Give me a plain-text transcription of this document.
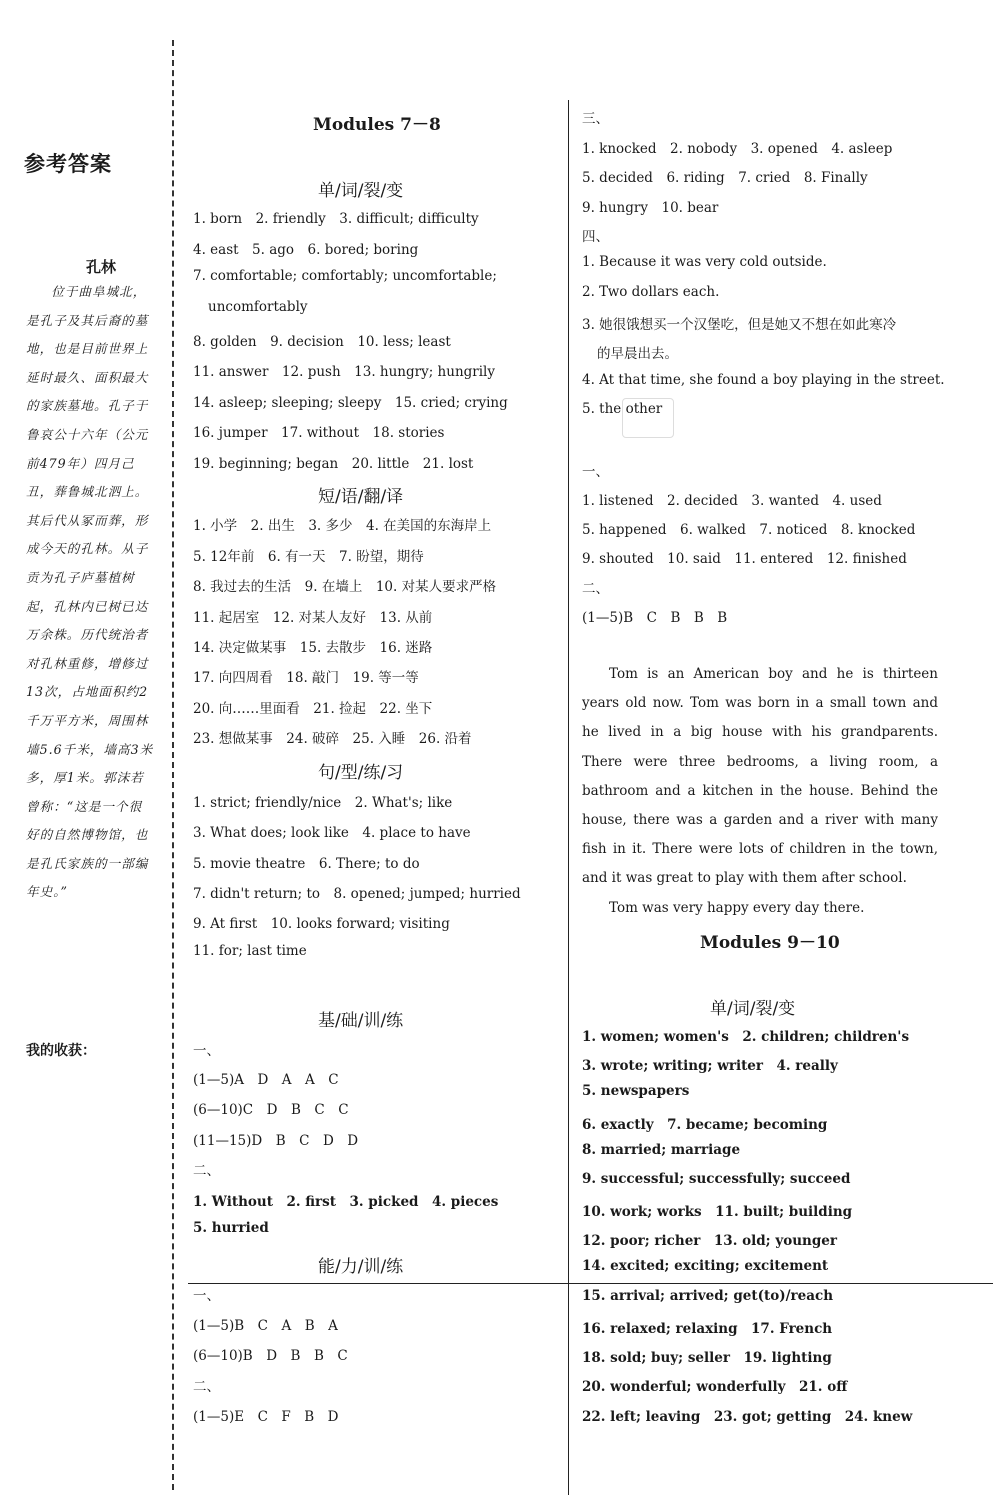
参考答案
孔林
位于曲阜城北，是孔子及其后裔的墓地，也是目前世界上延时最久、面积最大的家族墓地。孔子于鲁哀公十六年（公元前479年）四月己丑，葬鲁城北泗上。其后代从冢而葬，形成今天的孔林。从子贡为孔子庐墓植树起，孔林内已树已达万余株。历代统治者对孔林重修，增修过13次，占地面积约2千万平方米，周围林墙5.6千米，墙高3米多，厚1米。郭沫若曾称：“这是一个很好的自然博物馆，也是孔氏家族的一部编年史。”
我的收获：
Modules 7－8
单/词/裂/变
1. born　2. friendly　3. difficult; difficulty
4. east　5. ago　6. bored; boring
7. comfortable; comfortably; uncomfortable;
uncomfortably
8. golden　9. decision　10. less; least
11. answer　12. push　13. hungry; hungrily
14. asleep; sleeping; sleepy　15. cried; crying
16. jumper　17. without　18. stories
19. beginning; began　20. little　21. lost
短/语/翻/译
1. 小学　2. 出生　3. 多少　4. 在美国的东海岸上
5. 12年前　6. 有一天　7. 盼望，期待
8. 我过去的生活　9. 在墙上　10. 对某人要求严格
11. 起居室　12. 对某人友好　13. 从前
14. 决定做某事　15. 去散步　16. 迷路
17. 向四周看　18. 敲门　19. 等一等
20. 向……里面看　21. 捡起　22. 坐下
23. 想做某事　24. 破碎　25. 入睡　26. 沿着
句/型/练/习
1. strict; friendly/nice　2. What's; like
3. What does; look like　4. place to have
5. movie theatre　6. There; to do
7. didn't return; to　8. opened; jumped; hurried
9. At first　10. looks forward; visiting
11. for; last time
基/础/训/练
一、
(1—5)A　D　A　A　C
(6—10)C　D　B　C　C
(11—15)D　B　C　D　D
二、
1. Without　2. first　3. picked　4. pieces
5. hurried
能/力/训/练
一、
(1—5)B　C　A　B　A
(6—10)B　D　B　B　C
二、
(1—5)E　C　F　B　D
三、
1. knocked　2. nobody　3. opened　4. asleep
5. decided　6. riding　7. cried　8. Finally
9. hungry　10. bear
四、
1. Because it was very cold outside.
2. Two dollars each.
3. 她很饿想买一个汉堡吃，但是她又不想在如此寒冷
的早晨出去。
4. At that time, she found a boy playing in the street.
5. the other
一、
1. listened　2. decided　3. wanted　4. used
5. happened　6. walked　7. noticed　8. knocked
9. shouted　10. said　11. entered　12. finished
二、
(1—5)B　C　B　B　B

Tom is an American boy and he is thirteen years old now. Tom was born in a small town and he lived in a big house with his grandparents. There were three bedrooms, a living room, a bathroom and a kitchen in the house. Behind the house, there was a garden and a river with many fish in it. There were lots of children in the town, and it was great to play with them after school.

Tom was very happy every day there.

Modules 9－10
单/词/裂/变
1. women; women's　2. children; children's
3. wrote; writing; writer　4. really
5. newspapers
6. exactly　7. became; becoming
8. married; marriage
9. successful; successfully; succeed
10. work; works　11. built; building
12. poor; richer　13. old; younger
14. excited; exciting; excitement
15. arrival; arrived; get(to)/reach
16. relaxed; relaxing　17. French
18. sold; buy; seller　19. lighting
20. wonderful; wonderfully　21. off
22. left; leaving　23. got; getting　24. knew
